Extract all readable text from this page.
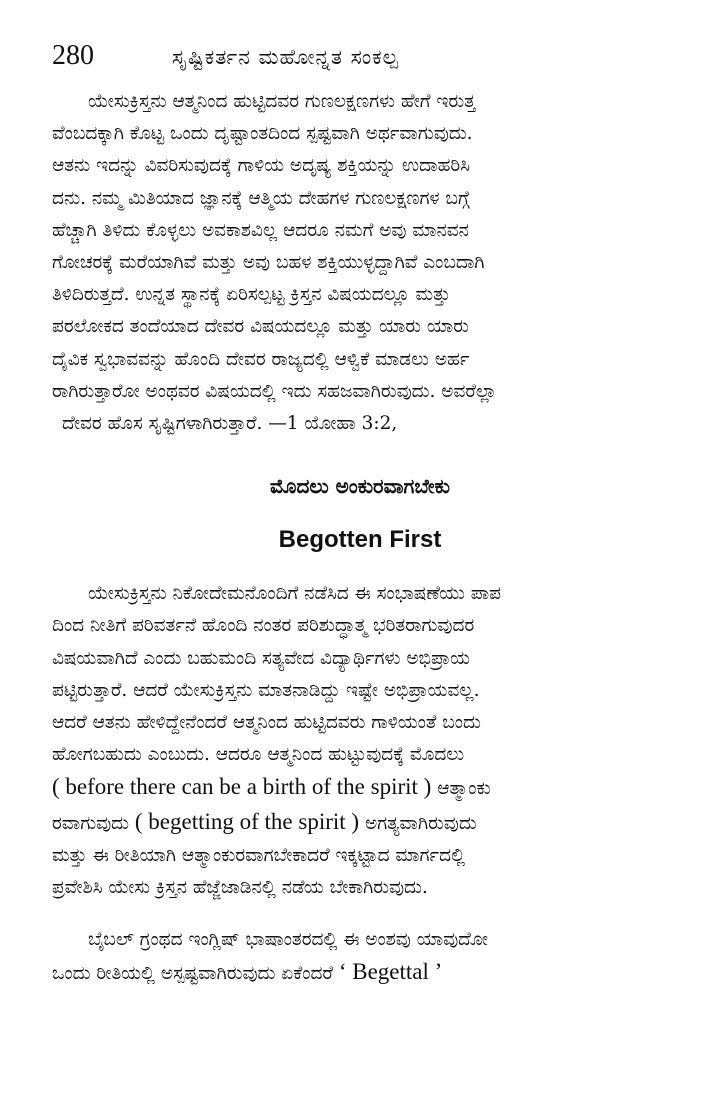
280	ಸೃಷ್ಟಿಕರ್ತನ ಮಹೋನ್ನತ ಸಂಕಲ್ಪ

ಯೇಸುಕ್ರಿಸ್ತನು ಆತ್ಮನಿಂದ ಹುಟ್ಟಿದವರ ಗುಣಲಕ್ಷಣಗಳು ಹೇಗೆ ಇರುತ್ತ
ವೆಂಬದಕ್ಕಾಗಿ ಕೊಟ್ಟ ಒಂದು ದೃಷ್ಟಾಂತದಿಂದ ಸ್ಪಷ್ಟವಾಗಿ ಅರ್ಥವಾಗುವುದು.
ಆತನು ಇದನ್ನು ವಿವರಿಸುವುದಕ್ಕೆ ಗಾಳಿಯ ಅದೃಷ್ಯ ಶಕ್ತಿಯನ್ನು ಉದಾಹರಿಸಿ
ದನು. ನಮ್ಮ ಮಿತಿಯಾದ ಜ್ಞಾನಕ್ಕೆ ಆತ್ಮಿಯ ದೇಹಗಳ ಗುಣಲಕ್ಷಣಗಳ ಬಗ್ಗೆ
ಹೆಚ್ಚಾಗಿ ತಿಳಿದು ಕೊಳ್ಳಲು ಅವಕಾಶವಿಲ್ಲ ಆದರೂ ನಮಗೆ ಅವು ಮಾನವನ
ಗೋಚರಕ್ಕೆ ಮರೆಯಾಗಿವೆ ಮತ್ತು ಅವು ಬಹಳ ಶಕ್ತಿಯುಳ್ಳದ್ದಾಗಿವೆ ಎಂಬದಾಗಿ
ತಿಳಿದಿರುತ್ತದೆ. ಉನ್ನತ ಸ್ಥಾನಕ್ಕೆ ಏರಿಸಲ್ಪಟ್ಟ ಕ್ರಿಸ್ತನ ವಿಷಯದಲ್ಲೂ ಮತ್ತು
ಪರಲೋಕದ ತಂದೆಯಾದ ದೇವರ ವಿಷಯದಲ್ಲೂ ಮತ್ತು ಯಾರು ಯಾರು
ದೈವಿಕ ಸ್ವಭಾವವನ್ನು ಹೊಂದಿ ದೇವರ ರಾಜ್ಯದಲ್ಲಿ ಆಳ್ವಿಕೆ ಮಾಡಲು ಅರ್ಹ
ರಾಗಿರುತ್ತಾರೋ ಅಂಥವರ ವಿಷಯದಲ್ಲಿ ಇದು ಸಹಜವಾಗಿರುವುದು. ಅವರೆಲ್ಲಾ
ದೇವರ ಹೊಸ ಸೃಷ್ಟಿಗಳಾಗಿರುತ್ತಾರೆ. —1 ಯೋಹಾ 3:2,

ಮೊದಲು ಅಂಕುರವಾಗಬೇಕು
Begotten First

ಯೇಸುಕ್ರಿಸ್ತನು ನಿಕೋದೇಮನೊಂದಿಗೆ ನಡೆಸಿದ ಈ ಸಂಭಾಷಣೆಯು ಪಾಪ
ದಿಂದ ನೀತಿಗೆ ಪರಿವರ್ತನೆ ಹೊಂದಿ ನಂತರ ಪರಿಶುದ್ಧಾತ್ಮ ಭರಿತರಾಗುವುದರ
ವಿಷಯವಾಗಿದೆ ಎಂದು ಬಹುಮಂದಿ ಸತ್ಯವೇದ ವಿದ್ಯಾರ್ಥಿಗಳು ಅಭಿಪ್ರಾಯ
ಪಟ್ಟಿರುತ್ತಾರೆ. ಆದರೆ ಯೇಸುಕ್ರಿಸ್ತನು ಮಾತನಾಡಿದ್ದು ಇಷ್ಟೇ ಅಭಿಪ್ರಾಯವಲ್ಲ.
ಆದರೆ ಆತನು ಹೇಳಿದ್ದೇನೆಂದರೆ ಆತ್ಮನಿಂದ ಹುಟ್ಟಿದವರು ಗಾಳಿಯಂತೆ ಬಂದು
ಹೋಗಬಹುದು ಎಂಬುದು. ಆದರೂ ಆತ್ಮನಿಂದ ಹುಟ್ಟುವುದಕ್ಕೆ ಮೊದಲು
( before there can be a birth of the spirit ) ಆತ್ಮಾಂಕು
ರವಾಗುವುದು ( begetting of the spirit ) ಅಗತ್ಯವಾಗಿರುವುದು
ಮತ್ತು ಈ ರೀತಿಯಾಗಿ ಆತ್ಮಾಂಕುರವಾಗಬೇಕಾದರೆ ಇಕ್ಕಟ್ಟಾದ ಮಾರ್ಗದಲ್ಲಿ
ಪ್ರವೇಶಿಸಿ ಯೇಸು ಕ್ರಿಸ್ತನ ಹೆಜ್ಜೆಜಾಡಿನಲ್ಲಿ ನಡೆಯ ಬೇಕಾಗಿರುವುದು.

ಬೈಬಲ್ ಗ್ರಂಥದ ಇಂಗ್ಲಿಷ್ ಭಾಷಾಂತರದಲ್ಲಿ ಈ ಅಂಶವು ಯಾವುದೋ
ಒಂದು ರೀತಿಯಲ್ಲಿ ಅಸ್ಪಷ್ಟವಾಗಿರುವುದು ಏಕೆಂದರೆ ‘ Begettal ’
